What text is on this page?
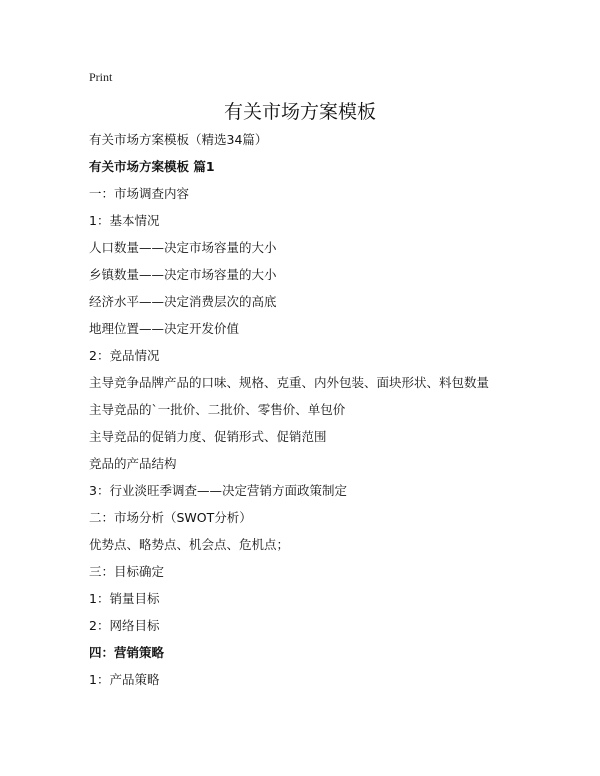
Print
有关市场方案模板

有关市场方案模板（精选34篇）

有关市场方案模板 篇1

一：市场调查内容

1：基本情况

人口数量——决定市场容量的大小

乡镇数量——决定市场容量的大小

经济水平——决定消费层次的高底

地理位置——决定开发价值

2：竞品情况

主导竞争品牌产品的口味、规格、克重、内外包装、面块形状、料包数量

主导竞品的`一批价、二批价、零售价、单包价

主导竞品的促销力度、促销形式、促销范围

竞品的产品结构

3：行业淡旺季调查——决定营销方面政策制定

二：市场分析（SWOT分析）

优势点、略势点、机会点、危机点；

三：目标确定

1：销量目标

2：网络目标

四：营销策略

1：产品策略
